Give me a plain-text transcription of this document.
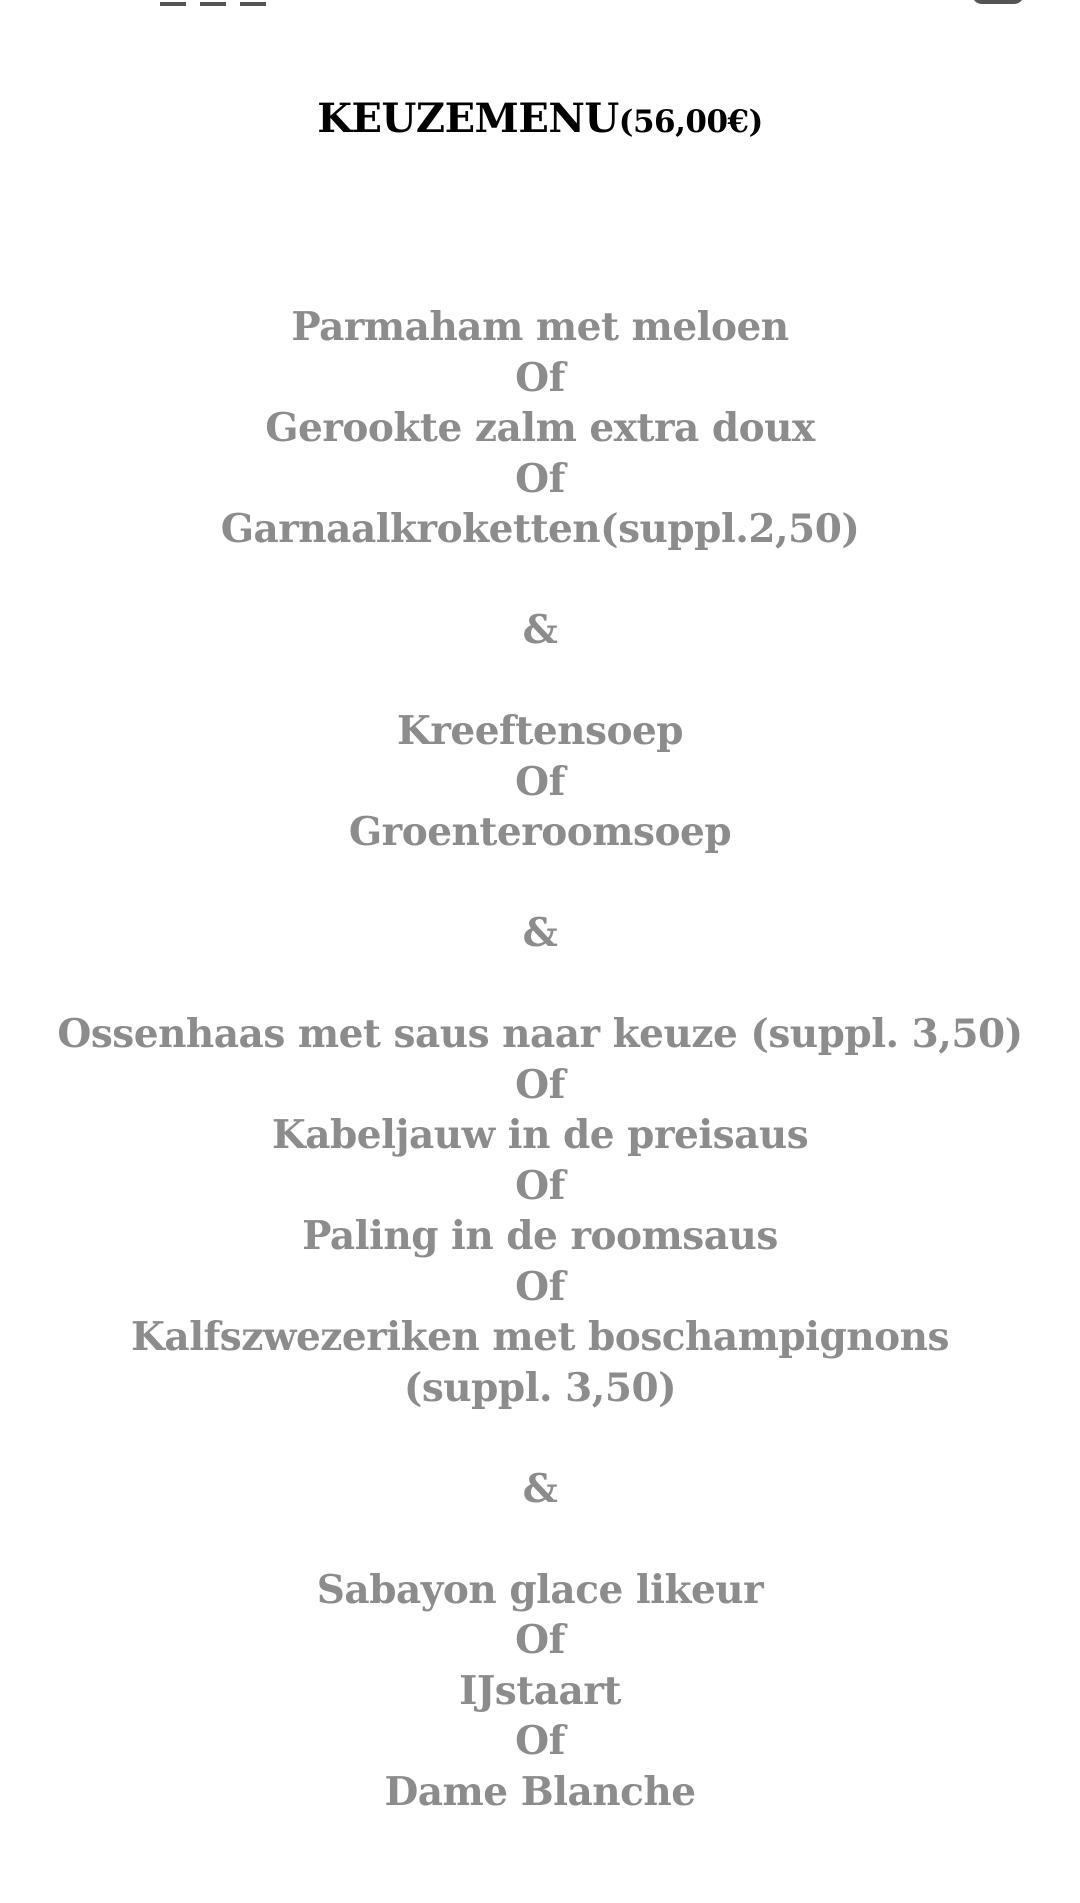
KEUZEMENU(56,00€)
Parmaham met meloen
Of
Gerookte zalm extra doux
Of
Garnaalkroketten(suppl.2,50)
&
Kreeftensoep
Of
Groenteroomsoep
&
Ossenhaas met saus naar keuze (suppl. 3,50)
Of
Kabeljauw in de preisaus
Of
Paling in de roomsaus
Of
Kalfszwezeriken met boschampignons
(suppl. 3,50)
&
Sabayon glace likeur
Of
IJstaart
Of
Dame Blanche
